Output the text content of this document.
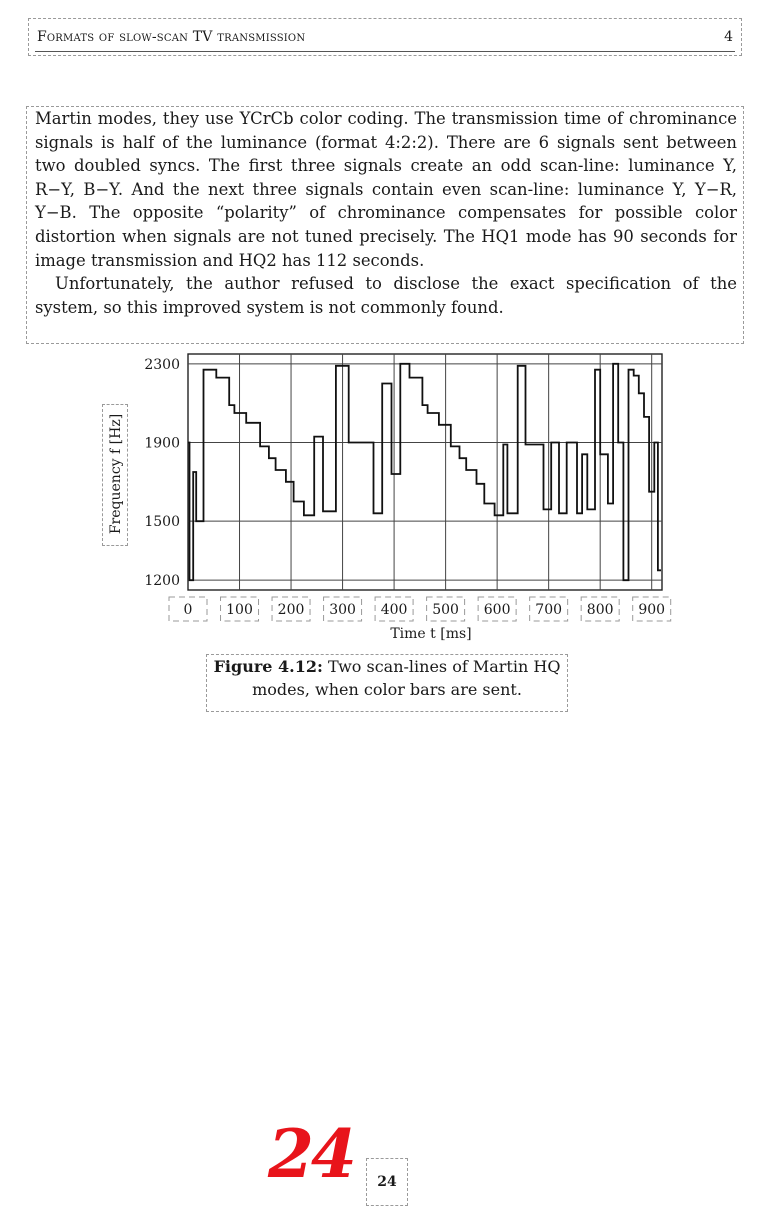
Formats of slow-scan TV transmission	4

Martin modes, they use YCrCb color coding. The transmission time of chrominance signals is half of the luminance (format 4:2:2). There are 6 signals sent between two doubled syncs. The first three signals create an odd scan-line: luminance Y, R−Y, B−Y. And the next three signals contain even scan-line: luminance Y, Y−R, Y−B. The opposite “polarity” of chrominance compensates for possible color distortion when signals are not tuned precisely. The HQ1 mode has 90 seconds for image transmission and HQ2 has 112 seconds.

Unfortunately, the author refused to disclose the exact specification of the system, so this improved system is not commonly found.

1200
1900
1500
2300
0 100 200 300 400 500 600 700 800 900
Time t [ms]
Frequency f [Hz]
Figure 4.12: Two scan-lines of Martin HQ modes, when color bars are sent.
24	24
